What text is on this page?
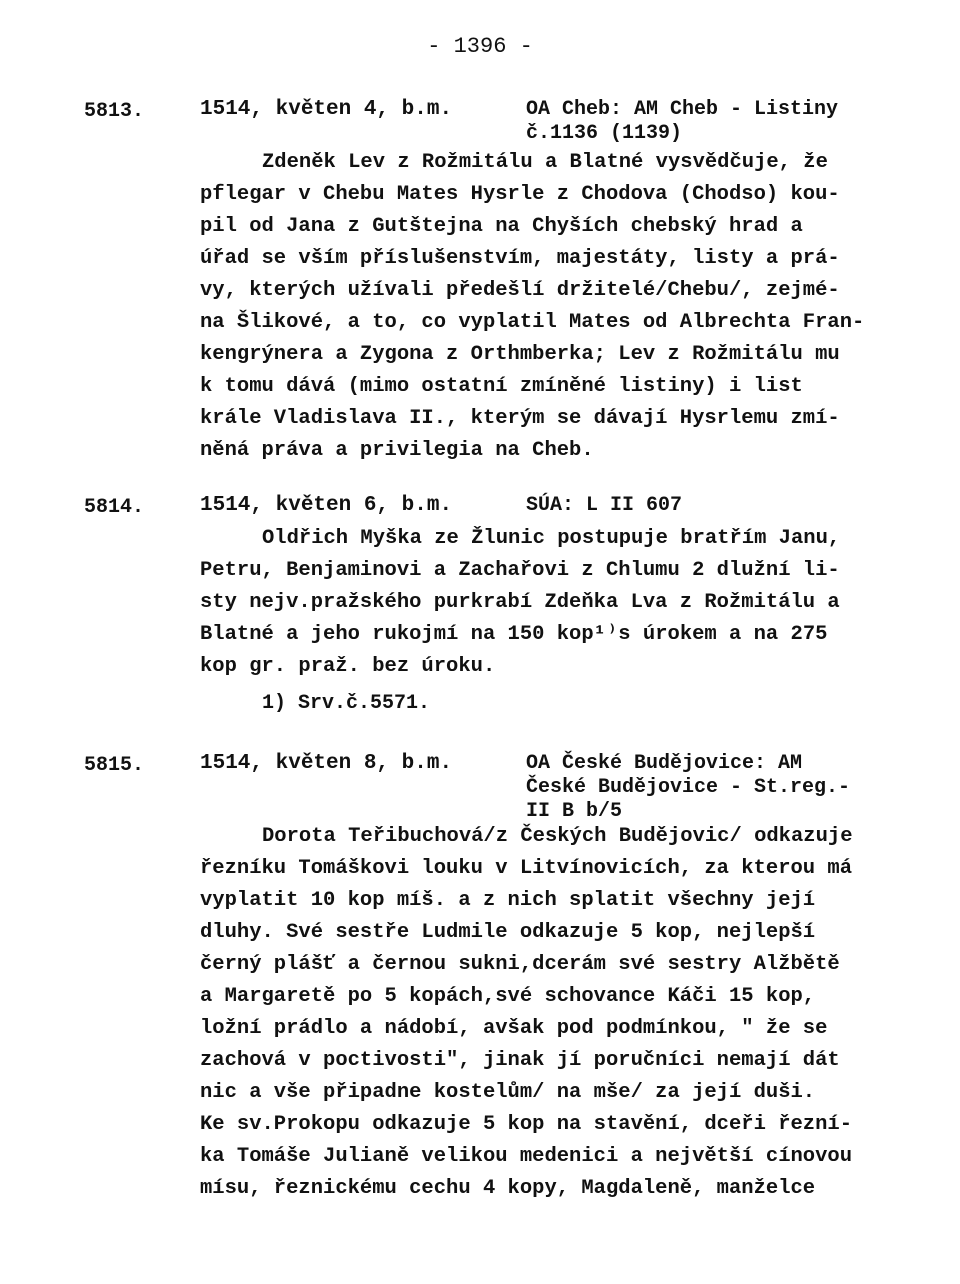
- 1396 -
5813.	1514, květen 4, b.m.	OA Cheb: AM Cheb - Listiny
č.1136 (1139)
Zdeněk Lev z Rožmitálu a Blatné vysvědčuje, že
pflegar v Chebu Mates Hysrle z Chodova (Chodso) kou-
pil od Jana z Gutštejna na Chyších chebský hrad a
úřad se vším příslušenstvím, majestáty, listy a prá-
vy, kterých užívali předešlí držitelé/Chebu/, zejmé-
na Šlikové, a to, co vyplatil Mates od Albrechta Fran-
kengrýnera a Zygona z Orthmberka; Lev z Rožmitálu mu
k tomu dává (mimo ostatní zmíněné listiny) i list
krále Vladislava II., kterým se dávají Hysrlemu zmí-
něná práva a privilegia na Cheb.
5814.	1514, květen 6, b.m.	SÚA: L II 607
Oldřich Myška ze Žlunic postupuje bratřím Janu,
Petru, Benjaminovi a Zachařovi z Chlumu 2 dlužní li-
sty nejv.pražského purkrabí Zdeňka Lva z Rožmitálu a
Blatné a jeho rukojmí na 150 kop¹⁾s úrokem a na 275
kop gr. praž. bez úroku.
1) Srv.č.5571.
5815.	1514, květen 8, b.m.	OA České Budějovice: AM
České Budějovice - St.reg.-
II B b/5
Dorota Teřibuchová/z Českých Budějovic/ odkazuje
řezníku Tomáškovi louku v Litvínovicích, za kterou má
vyplatit 10 kop míš. a z nich splatit všechny její
dluhy. Své sestře Ludmile odkazuje 5 kop, nejlepší
černý plášť a černou sukni,dcerám své sestry Alžbětě
a Margaretě po 5 kopách,své schovance Káči 15 kop,
ložní prádlo a nádobí, avšak pod podmínkou, " že se
zachová v poctivosti", jinak jí poručníci nemají dát
nic a vše připadne kostelům/ na mše/ za její duši.
Ke sv.Prokopu odkazuje 5 kop na stavění, dceři řezní-
ka Tomáše Julianě velikou medenici a největší cínovou
mísu, řeznickému cechu 4 kopy, Magdaleně, manželce
